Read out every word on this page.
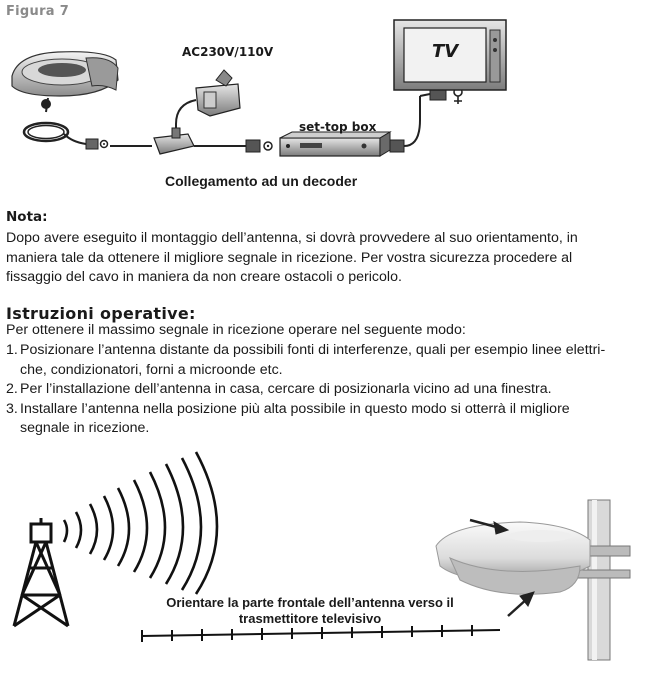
Figura 7
AC230V/110V
set-top box
TV
Collegamento ad un decoder
Nota:
Dopo avere eseguito il montaggio dell’antenna, si dovrà provvedere al suo orientamento, in
maniera tale da ottenere il migliore segnale in ricezione. Per vostra sicurezza procedere al
fissaggio del cavo in maniera da non creare ostacoli o pericolo.
Istruzioni operative:
Per ottenere il massimo segnale in ricezione operare nel seguente modo:
1. Posizionare l’antenna distante da possibili fonti di interferenze, quali per esempio linee elettri-
che, condizionatori, forni a microonde etc.
2. Per l’installazione dell’antenna in casa, cercare di posizionarla vicino ad una finestra.
3. Installare l’antenna nella posizione più alta possibile in questo modo si otterrà il migliore
segnale in ricezione.
Orientare la parte frontale dell’antenna verso il
trasmettitore televisivo
